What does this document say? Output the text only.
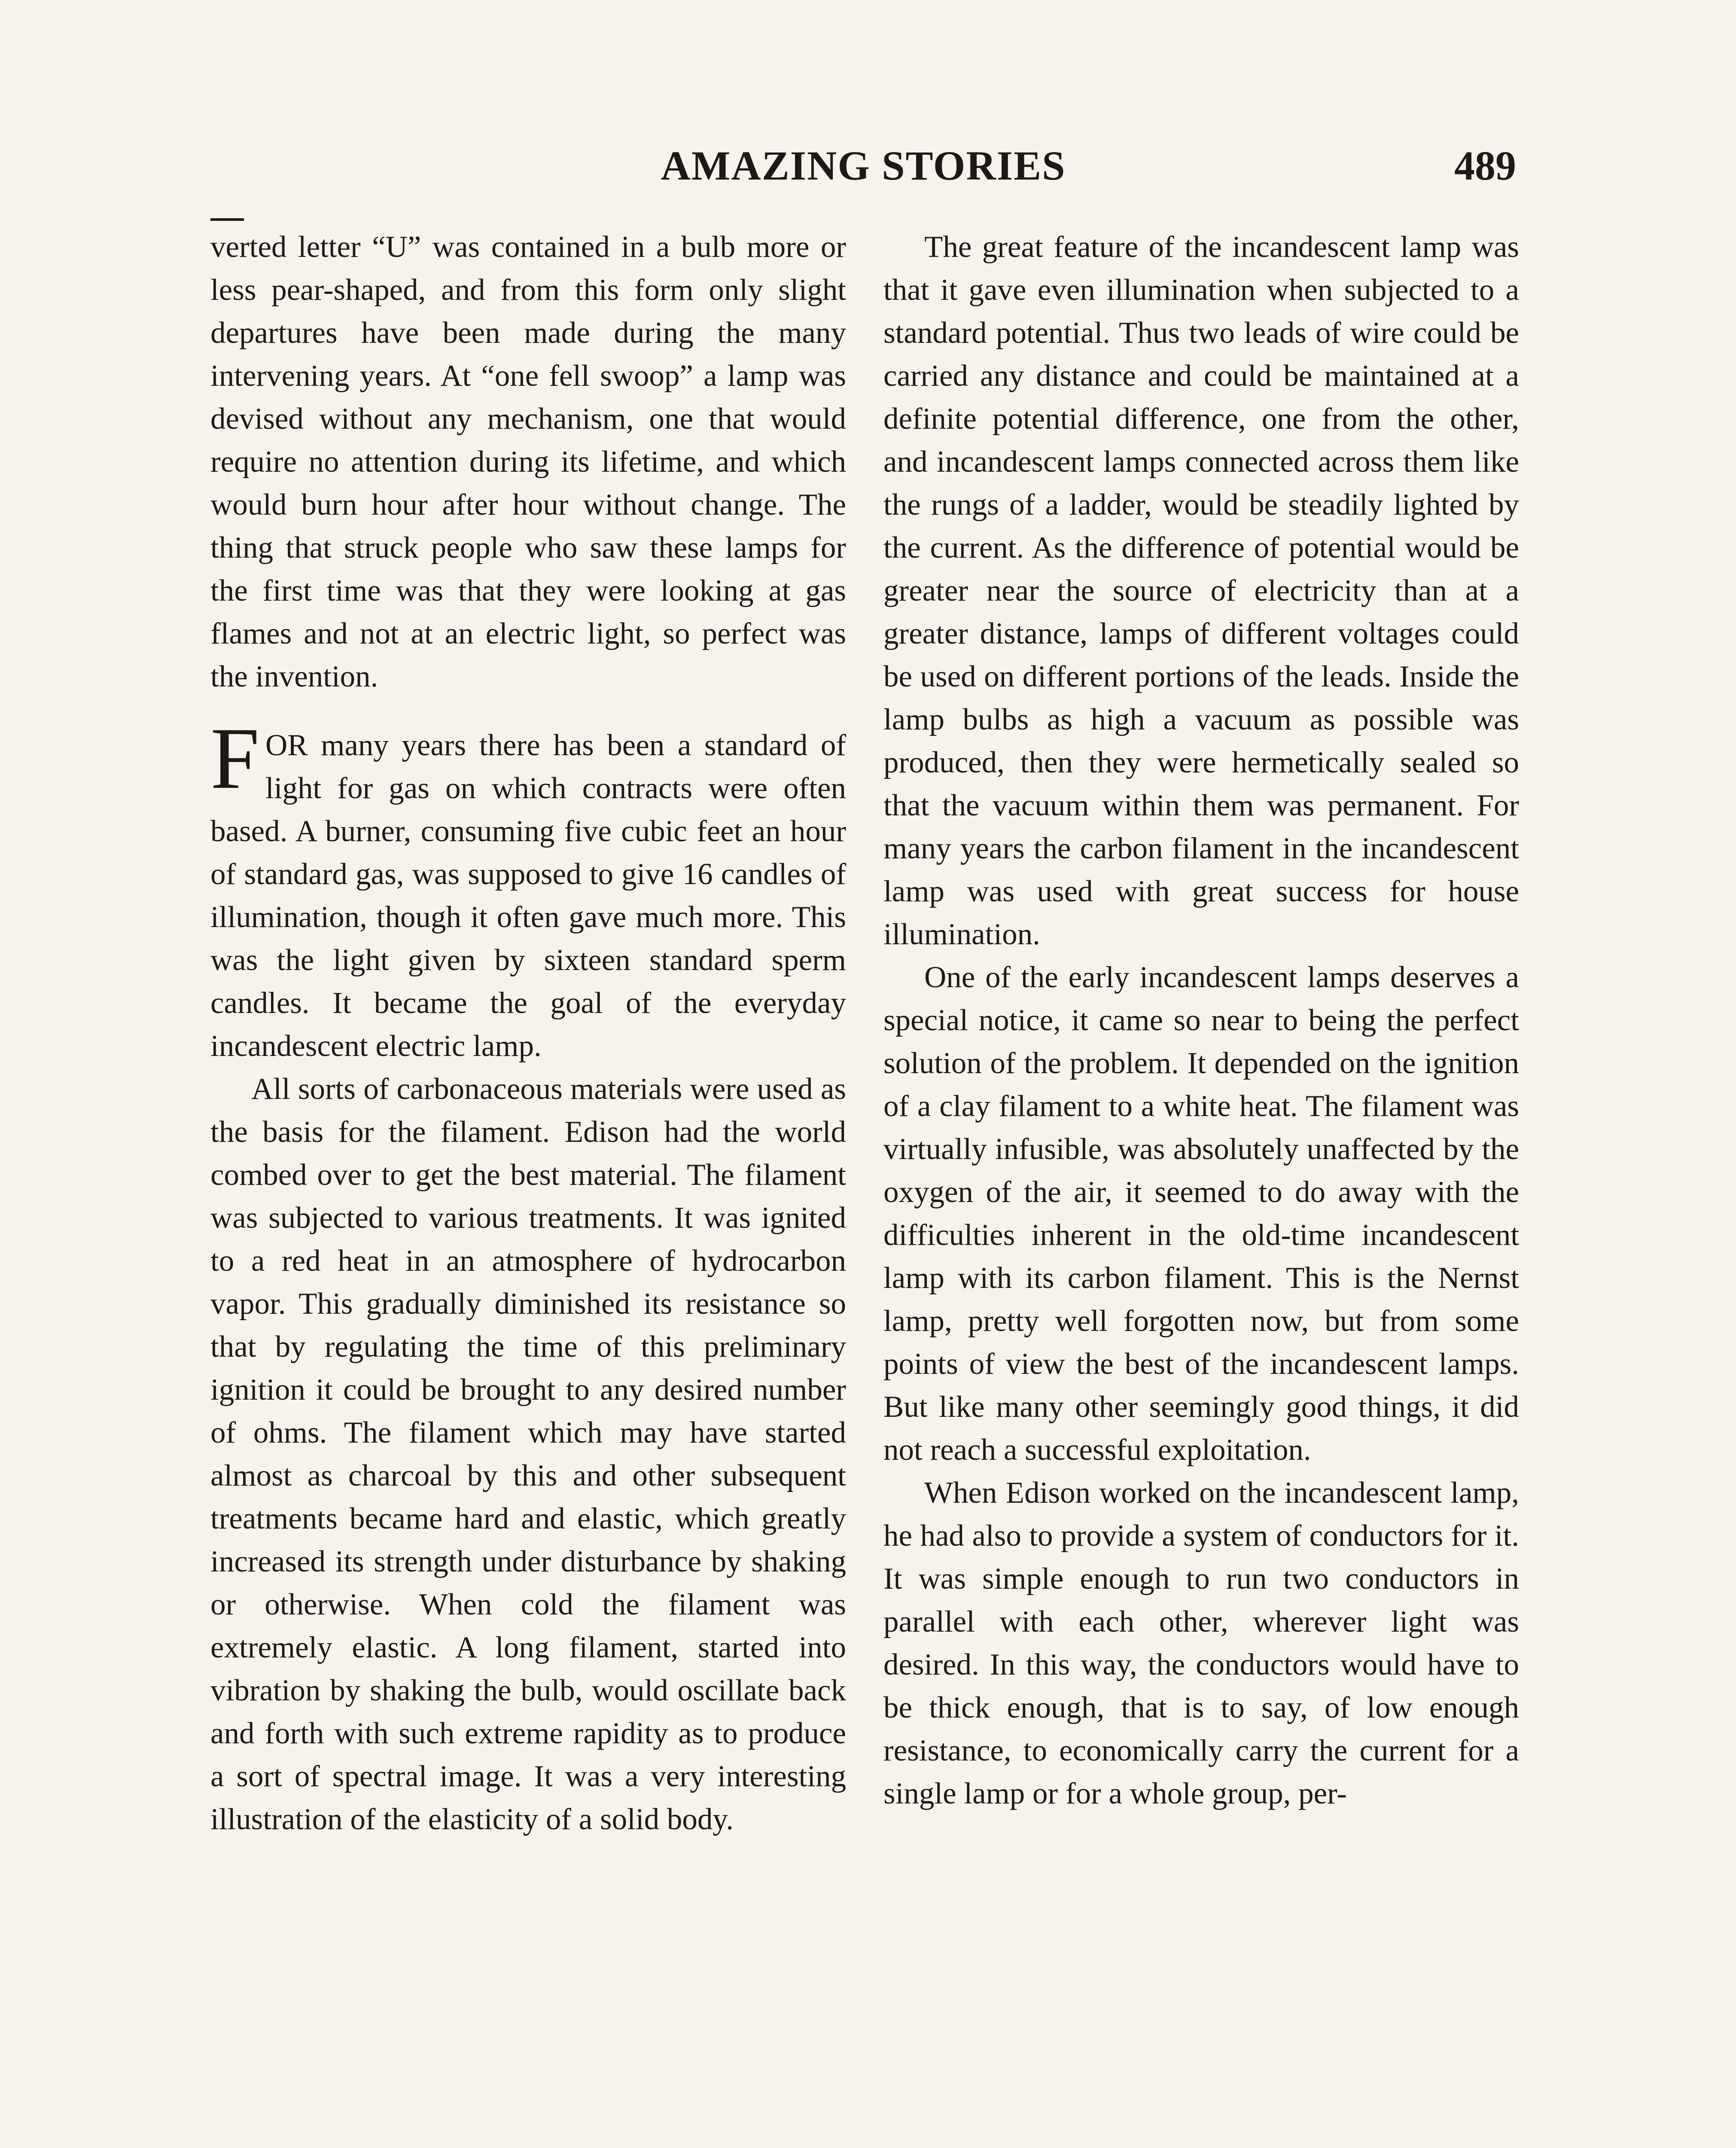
AMAZING STORIES	489

verted letter “U” was contained in a bulb more or less pear-shaped, and from this form only slight departures have been made during the many intervening years. At “one fell swoop” a lamp was devised without any mechanism, one that would require no attention during its lifetime, and which would burn hour after hour without change. The thing that struck people who saw these lamps for the first time was that they were looking at gas flames and not at an electric light, so perfect was the invention.

FOR many years there has been a standard of light for gas on which contracts were often based. A burner, consuming five cubic feet an hour of standard gas, was supposed to give 16 candles of illumination, though it often gave much more. This was the light given by sixteen standard sperm candles. It became the goal of the everyday incandescent electric lamp.

All sorts of carbonaceous materials were used as the basis for the filament. Edison had the world combed over to get the best material. The filament was subjected to various treatments. It was ignited to a red heat in an atmosphere of hydrocarbon vapor. This gradually diminished its resistance so that by regulating the time of this preliminary ignition it could be brought to any desired number of ohms. The filament which may have started almost as charcoal by this and other subsequent treatments became hard and elastic, which greatly increased its strength under disturbance by shaking or otherwise. When cold the filament was extremely elastic. A long filament, started into vibration by shaking the bulb, would oscillate back and forth with such extreme rapidity as to produce a sort of spectral image. It was a very interesting illustration of the elasticity of a solid body.

The great feature of the incandescent lamp was that it gave even illumination when subjected to a standard potential. Thus two leads of wire could be carried any distance and could be maintained at a definite potential difference, one from the other, and incandescent lamps connected across them like the rungs of a ladder, would be steadily lighted by the current. As the difference of potential would be greater near the source of electricity than at a greater distance, lamps of different voltages could be used on different portions of the leads. Inside the lamp bulbs as high a vacuum as possible was produced, then they were hermetically sealed so that the vacuum within them was permanent. For many years the carbon filament in the incandescent lamp was used with great success for house illumination.

One of the early incandescent lamps deserves a special notice, it came so near to being the perfect solution of the problem. It depended on the ignition of a clay filament to a white heat. The filament was virtually infusible, was absolutely unaffected by the oxygen of the air, it seemed to do away with the difficulties inherent in the old-time incandescent lamp with its carbon filament. This is the Nernst lamp, pretty well forgotten now, but from some points of view the best of the incandescent lamps. But like many other seemingly good things, it did not reach a successful exploitation.

When Edison worked on the incandescent lamp, he had also to provide a system of conductors for it. It was simple enough to run two conductors in parallel with each other, wherever light was desired. In this way, the conductors would have to be thick enough, that is to say, of low enough resistance, to economically carry the current for a single lamp or for a whole group, per-
